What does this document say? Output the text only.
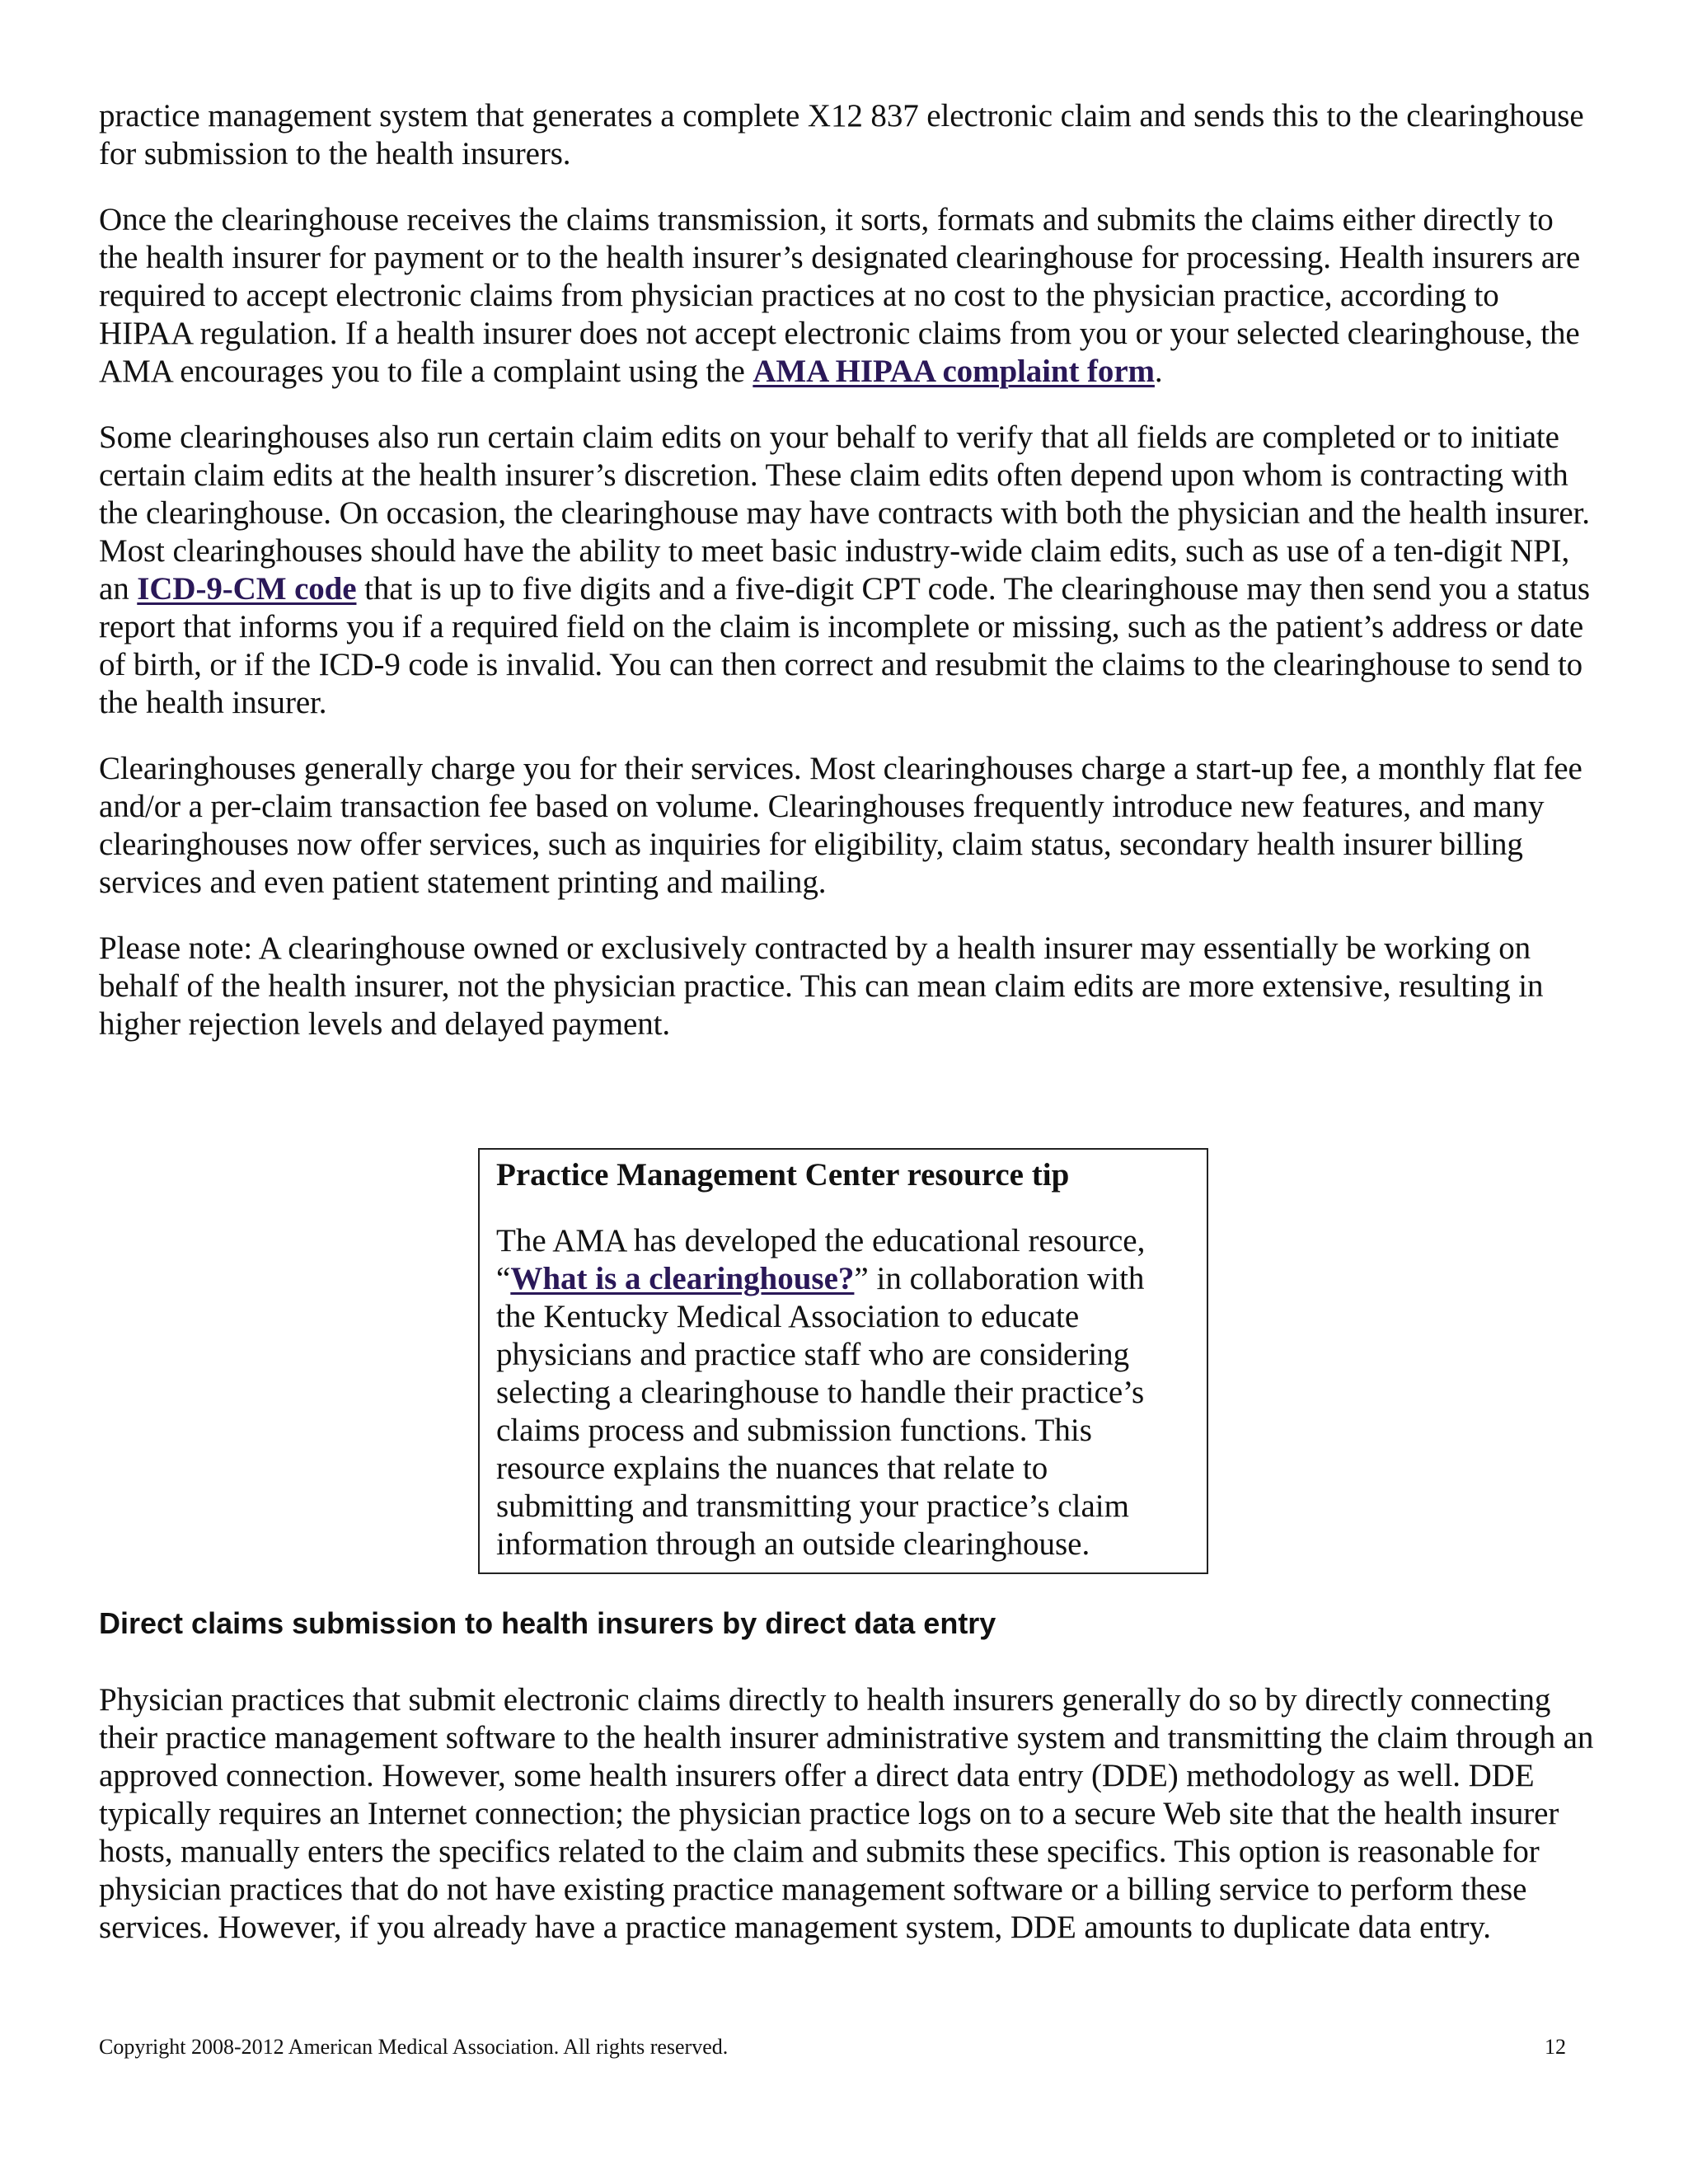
practice management system that generates a complete X12 837 electronic claim and sends this to the clearinghouse for submission to the health insurers.

Once the clearinghouse receives the claims transmission, it sorts, formats and submits the claims either directly to the health insurer for payment or to the health insurer’s designated clearinghouse for processing. Health insurers are required to accept electronic claims from physician practices at no cost to the physician practice, according to HIPAA regulation. If a health insurer does not accept electronic claims from you or your selected clearinghouse, the AMA encourages you to file a complaint using the AMA HIPAA complaint form.

Some clearinghouses also run certain claim edits on your behalf to verify that all fields are completed or to initiate certain claim edits at the health insurer’s discretion. These claim edits often depend upon whom is contracting with the clearinghouse. On occasion, the clearinghouse may have contracts with both the physician and the health insurer. Most clearinghouses should have the ability to meet basic industry-wide claim edits, such as use of a ten-digit NPI, an ICD-9-CM code that is up to five digits and a five-digit CPT code. The clearinghouse may then send you a status report that informs you if a required field on the claim is incomplete or missing, such as the patient’s address or date of birth, or if the ICD-9 code is invalid. You can then correct and resubmit the claims to the clearinghouse to send to the health insurer.

Clearinghouses generally charge you for their services. Most clearinghouses charge a start-up fee, a monthly flat fee and/or a per-claim transaction fee based on volume. Clearinghouses frequently introduce new features, and many clearinghouses now offer services, such as inquiries for eligibility, claim status, secondary health insurer billing services and even patient statement printing and mailing.

Please note: A clearinghouse owned or exclusively contracted by a health insurer may essentially be working on behalf of the health insurer, not the physician practice. This can mean claim edits are more extensive, resulting in higher rejection levels and delayed payment.

Practice Management Center resource tip

The AMA has developed the educational resource, “What is a clearinghouse?” in collaboration with the Kentucky Medical Association to educate physicians and practice staff who are considering selecting a clearinghouse to handle their practice’s claims process and submission functions. This resource explains the nuances that relate to submitting and transmitting your practice’s claim information through an outside clearinghouse.

Direct claims submission to health insurers by direct data entry

Physician practices that submit electronic claims directly to health insurers generally do so by directly connecting their practice management software to the health insurer administrative system and transmitting the claim through an approved connection. However, some health insurers offer a direct data entry (DDE) methodology as well. DDE typically requires an Internet connection; the physician practice logs on to a secure Web site that the health insurer hosts, manually enters the specifics related to the claim and submits these specifics. This option is reasonable for physician practices that do not have existing practice management software or a billing service to perform these services. However, if you already have a practice management system, DDE amounts to duplicate data entry.

Copyright 2008-2012 American Medical Association. All rights reserved.	12
